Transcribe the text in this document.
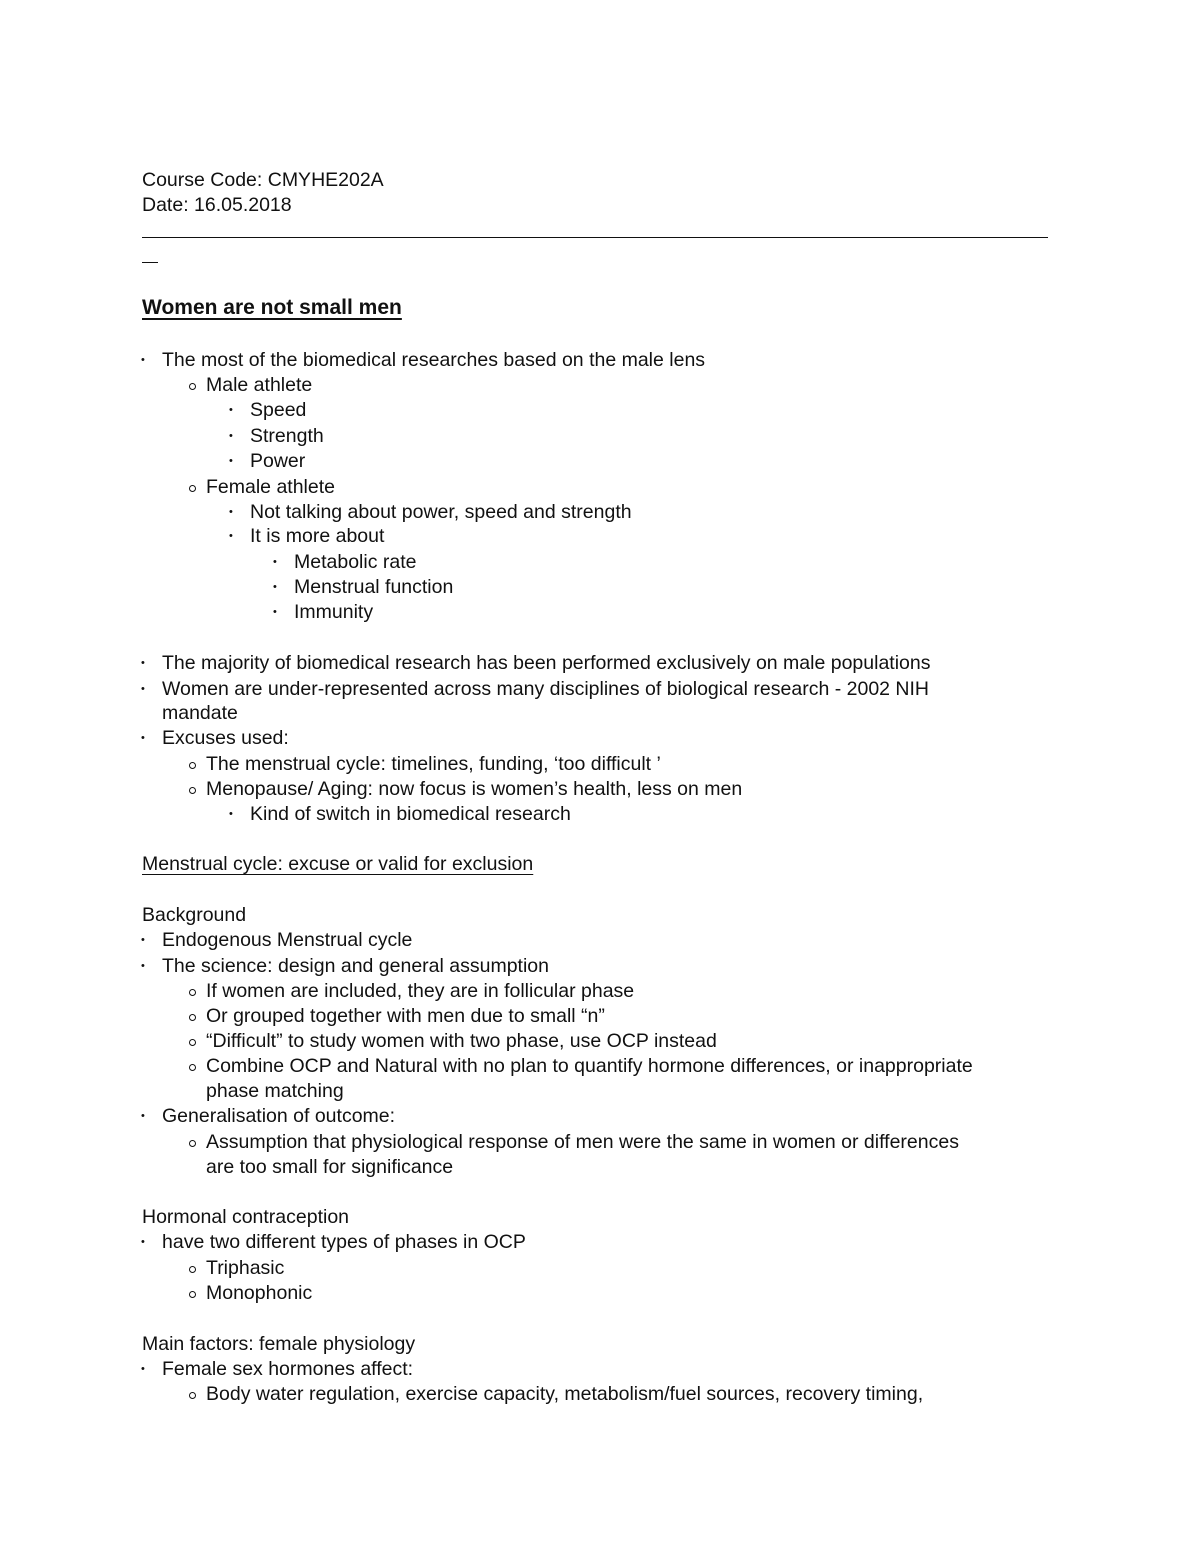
Course Code: CMYHE202A
Date: 16.05.2018
Women are not small men
• The most of the biomedical researches based on the male lens
Male athlete
• Speed
• Strength
• Power
Female athlete
• Not talking about power, speed and strength
• It is more about
• Metabolic rate
• Menstrual function
• Immunity
• The majority of biomedical research has been performed exclusively on male populations
• Women are under-represented across many disciplines of biological research - 2002 NIH
mandate
• Excuses used:
The menstrual cycle: timelines, funding, ‘too difficult ’
Menopause/ Aging: now focus is women’s health, less on men
• Kind of switch in biomedical research
Menstrual cycle: excuse or valid for exclusion
Background
• Endogenous Menstrual cycle
• The science: design and general assumption
If women are included, they are in follicular phase
Or grouped together with men due to small “n”
“Difficult” to study women with two phase, use OCP instead
Combine OCP and Natural with no plan to quantify hormone differences, or inappropriate
phase matching
• Generalisation of outcome:
Assumption that physiological response of men were the same in women or differences
are too small for significance
Hormonal contraception
• have two different types of phases in OCP
Triphasic
Monophonic
Main factors: female physiology
• Female sex hormones affect:
Body water regulation, exercise capacity, metabolism/fuel sources, recovery timing,
